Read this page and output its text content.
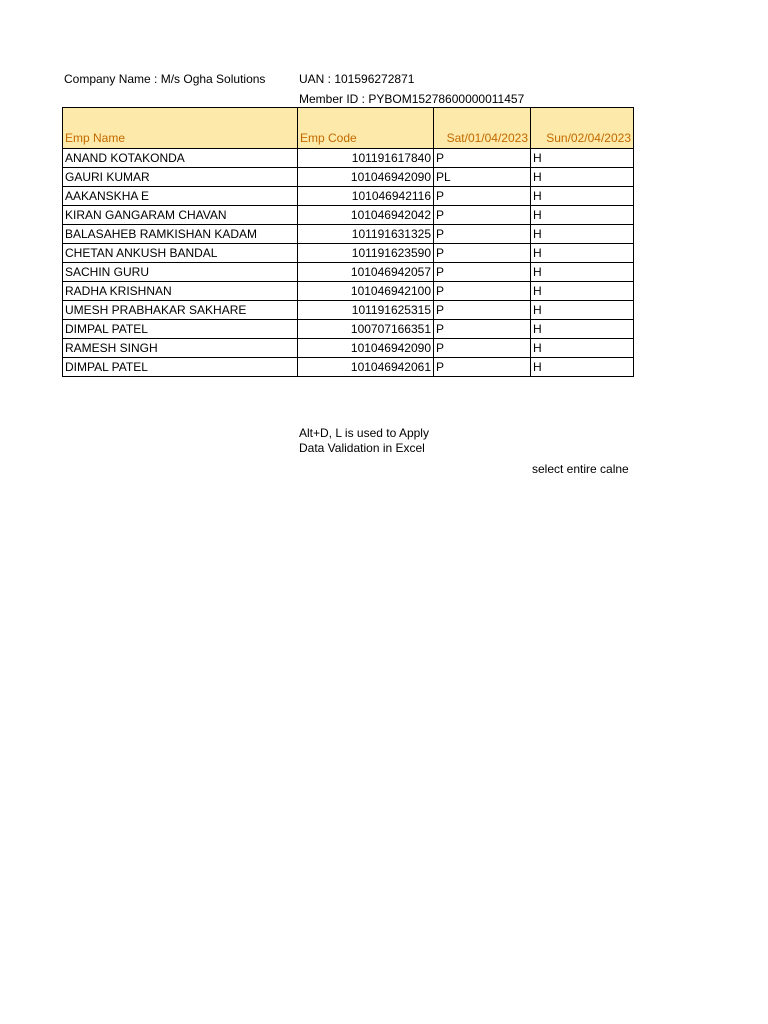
Company Name : M/s Ogha Solutions	UAN : 101596272871
Member ID : PYBOM15278600000011457
Emp Name	Emp Code	Sat/01/04/2023	Sun/02/04/2023
ANAND KOTAKONDA	101191617840	P	H
GAURI KUMAR	101046942090	PL	H
AAKANSKHA E	101046942116	P	H
KIRAN GANGARAM CHAVAN	101046942042	P	H
BALASAHEB RAMKISHAN KADAM	101191631325	P	H
CHETAN ANKUSH BANDAL	101191623590	P	H
SACHIN GURU	101046942057	P	H
RADHA KRISHNAN	101046942100	P	H
UMESH PRABHAKAR SAKHARE	101191625315	P	H
DIMPAL PATEL	100707166351	P	H
RAMESH SINGH	101046942090	P	H
DIMPAL PATEL	101046942061	P	H
Alt+D, L is used to Apply Data Validation in Excel
select entire calne
